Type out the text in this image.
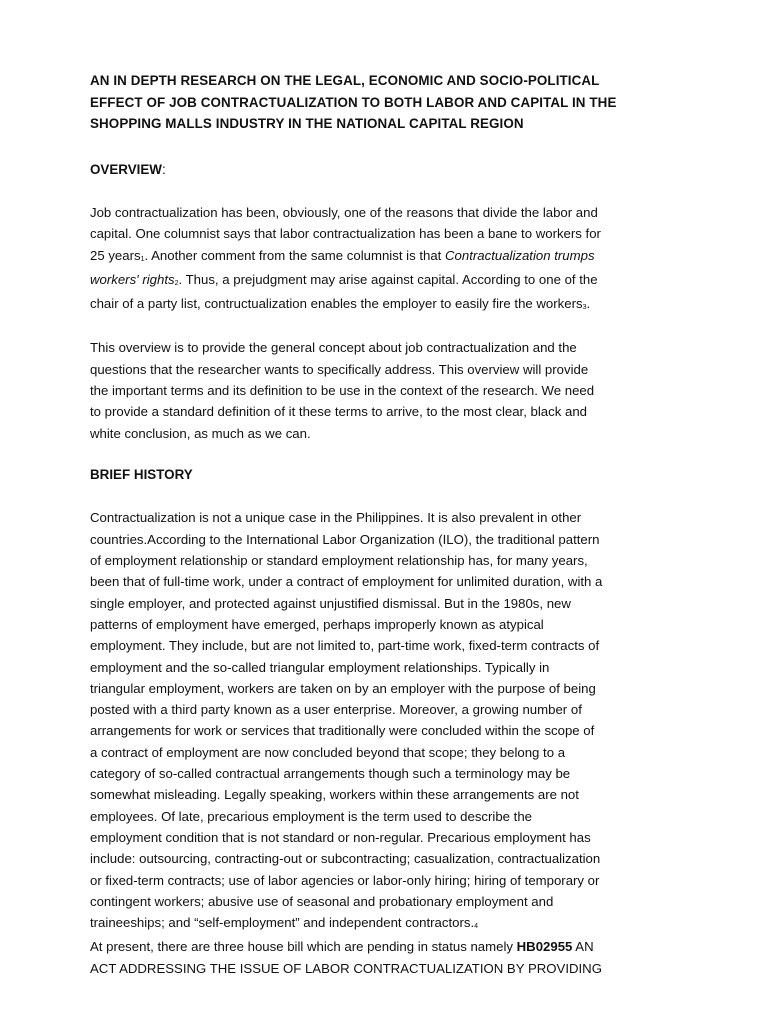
AN IN DEPTH RESEARCH ON THE LEGAL, ECONOMIC AND SOCIO-POLITICAL
EFFECT OF JOB CONTRACTUALIZATION TO BOTH LABOR AND CAPITAL IN THE
SHOPPING MALLS INDUSTRY IN THE NATIONAL CAPITAL REGION
OVERVIEW:
Job contractualization has been, obviously, one of the reasons that divide the labor and
capital. One columnist says that labor contractualization has been a bane to workers for
25 years$_1$. Another comment from the same columnist is that Contractualization trumps
workers' rights$_2$. Thus, a prejudgment may arise against capital. According to one of the
chair of a party list, contructualization enables the employer to easily fire the workers$_3$.
This overview is to provide the general concept about job contractualization and the
questions that the researcher wants to specifically address. This overview will provide
the important terms and its definition to be use in the context of the research. We need
to provide a standard definition of it these terms to arrive, to the most clear, black and
white conclusion, as much as we can.
BRIEF HISTORY
Contractualization is not a unique case in the Philippines. It is also prevalent in other
countries.According to the International Labor Organization (ILO), the traditional pattern
of employment relationship or standard employment relationship has, for many years,
been that of full-time work, under a contract of employment for unlimited duration, with a
single employer, and protected against unjustified dismissal. But in the 1980s, new
patterns of employment have emerged, perhaps improperly known as atypical
employment. They include, but are not limited to, part-time work, fixed-term contracts of
employment and the so-called triangular employment relationships. Typically in
triangular employment, workers are taken on by an employer with the purpose of being
posted with a third party known as a user enterprise. Moreover, a growing number of
arrangements for work or services that traditionally were concluded within the scope of
a contract of employment are now concluded beyond that scope; they belong to a
category of so-called contractual arrangements though such a terminology may be
somewhat misleading. Legally speaking, workers within these arrangements are not
employees. Of late, precarious employment is the term used to describe the
employment condition that is not standard or non-regular. Precarious employment has
include: outsourcing, contracting-out or subcontracting; casualization, contractualization
or fixed-term contracts; use of labor agencies or labor-only hiring; hiring of temporary or
contingent workers; abusive use of seasonal and probationary employment and
traineeships; and “self-employment” and independent $contractors._4$
At present, there are three house bill which are pending in status namely HB02955 AN
ACT ADDRESSING THE ISSUE OF LABOR CONTRACTUALIZATION BY PROVIDING
